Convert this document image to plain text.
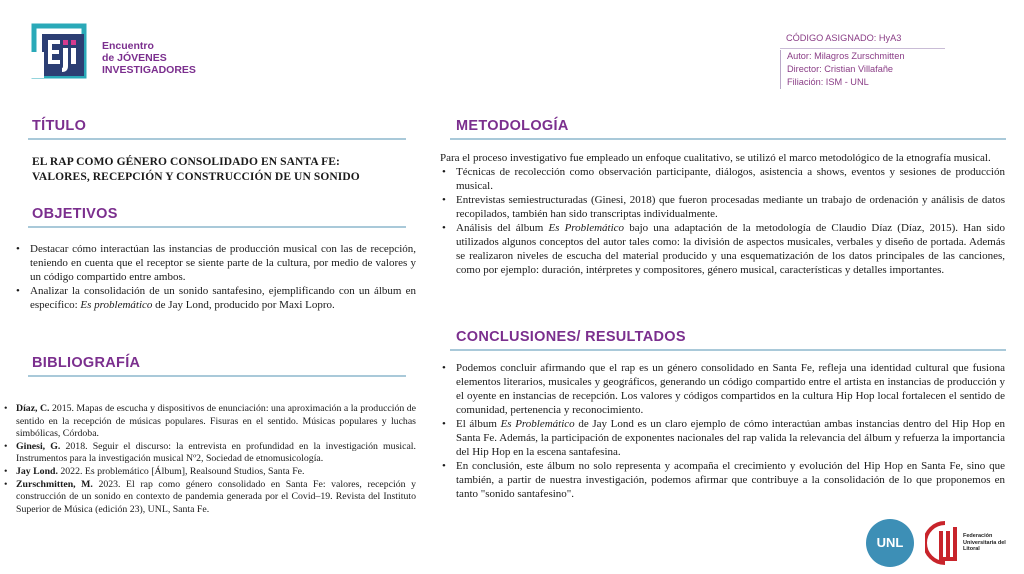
Encuentro
de JÓVENES
INVESTIGADORES
CÓDIGO ASIGNADO: HyA3
Autor: Milagros Zurschmitten
Director: Cristian Villafañe
Filiación: ISM - UNL
TÍTULO
EL RAP COMO GÉNERO CONSOLIDADO EN SANTA FE:
VALORES, RECEPCIÓN Y CONSTRUCCIÓN DE UN SONIDO
OBJETIVOS
• Destacar cómo interactúan las instancias de producción musical con las de recepción, teniendo en cuenta que el receptor se siente parte de la cultura, por medio de valores y un código compartido entre ambos.
• Analizar la consolidación de un sonido santafesino, ejemplificando con un álbum en específico: Es problemático de Jay Lond, producido por Maxi Lopro.
BIBLIOGRAFÍA
• Díaz, C. 2015. Mapas de escucha y dispositivos de enunciación: una aproximación a la producción de sentido en la recepción de músicas populares. Fisuras en el sentido. Músicas populares y luchas simbólicas, Córdoba.
• Ginesi, G. 2018. Seguir el discurso: la entrevista en profundidad en la investigación musical. Instrumentos para la investigación musical Nº2, Sociedad de etnomusicología.
• Jay Lond. 2022. Es problemático [Álbum], Realsound Studios, Santa Fe.
• Zurschmitten, M. 2023. El rap como género consolidado en Santa Fe: valores, recepción y construcción de un sonido en contexto de pandemia generada por el Covid–19. Revista del Instituto Superior de Música (edición 23), UNL, Santa Fe.
METODOLOGÍA
Para el proceso investigativo fue empleado un enfoque cualitativo, se utilizó el marco metodológico de la etnografía musical.
• Técnicas de recolección como observación participante, diálogos, asistencia a shows, eventos y sesiones de producción musical.
• Entrevistas semiestructuradas (Ginesi, 2018) que fueron procesadas mediante un trabajo de ordenación y análisis de datos recopilados, también han sido transcriptas individualmente.
• Análisis del álbum Es Problemático bajo una adaptación de la metodología de Claudio Díaz (Díaz, 2015). Han sido utilizados algunos conceptos del autor tales como: la división de aspectos musicales, verbales y diseño de portada. Además se realizaron niveles de escucha del material producido y una esquematización de los datos principales de las canciones, como por ejemplo: duración, intérpretes y compositores, género musical, características y detalles importantes.
CONCLUSIONES/ RESULTADOS
• Podemos concluir afirmando que el rap es un género consolidado en Santa Fe, refleja una identidad cultural que fusiona elementos literarios, musicales y geográficos, generando un código compartido entre el artista en instancias de producción y el oyente en instancias de recepción. Los valores y códigos compartidos en la cultura Hip Hop local fortalecen el sentido de comunidad, pertenencia y reconocimiento.
• El álbum Es Problemático de Jay Lond es un claro ejemplo de cómo interactúan ambas instancias dentro del Hip Hop en Santa Fe. Además, la participación de exponentes nacionales del rap valida la relevancia del álbum y refuerza la importancia del Hip Hop en la escena santafesina.
• En conclusión, este álbum no solo representa y acompaña el crecimiento y evolución del Hip Hop en Santa Fe, sino que también, a partir de nuestra investigación, podemos afirmar que contribuye a la consolidación de lo que proponemos en tanto "sonido santafesino".
UNL	Federación Universitaria del Litoral
